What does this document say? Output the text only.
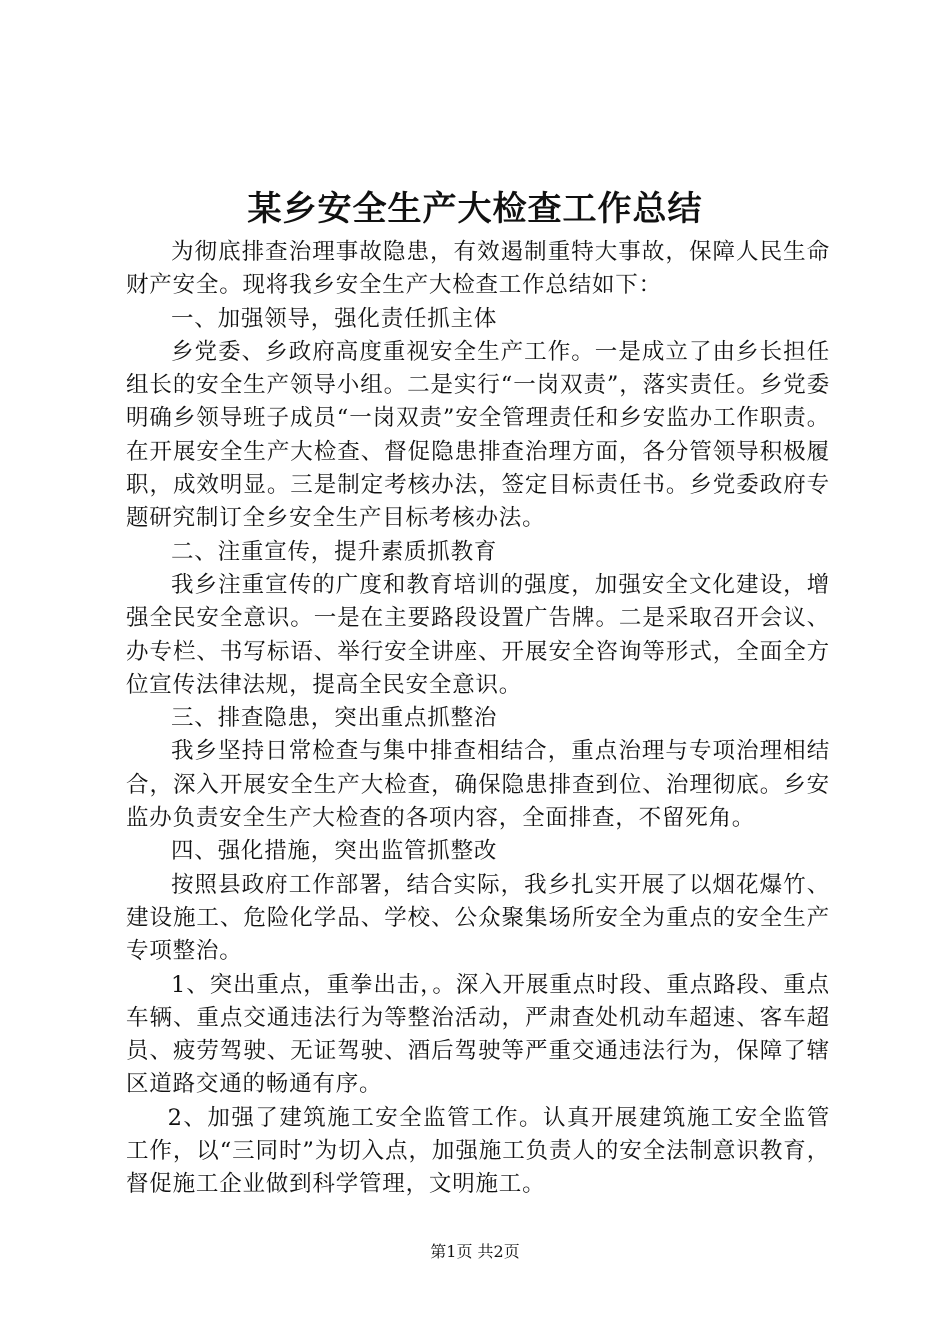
某乡安全生产大检查工作总结

为彻底排查治理事故隐患，有效遏制重特大事故，保障人民生命财产安全。现将我乡安全生产大检查工作总结如下：

一、加强领导，强化责任抓主体

乡党委、乡政府高度重视安全生产工作。一是成立了由乡长担任组长的安全生产领导小组。二是实行“一岗双责”，落实责任。乡党委明确乡领导班子成员“一岗双责”安全管理责任和乡安监办工作职责。在开展安全生产大检查、督促隐患排查治理方面，各分管领导积极履职，成效明显。三是制定考核办法，签定目标责任书。乡党委政府专题研究制订全乡安全生产目标考核办法。

二、注重宣传，提升素质抓教育

我乡注重宣传的广度和教育培训的强度，加强安全文化建设，增强全民安全意识。一是在主要路段设置广告牌。二是采取召开会议、办专栏、书写标语、举行安全讲座、开展安全咨询等形式，全面全方位宣传法律法规，提高全民安全意识。

三、排查隐患，突出重点抓整治

我乡坚持日常检查与集中排查相结合，重点治理与专项治理相结合，深入开展安全生产大检查，确保隐患排查到位、治理彻底。乡安监办负责安全生产大检查的各项内容，全面排查，不留死角。

四、强化措施，突出监管抓整改

按照县政府工作部署，结合实际，我乡扎实开展了以烟花爆竹、建设施工、危险化学品、学校、公众聚集场所安全为重点的安全生产专项整治。

1、突出重点，重拳出击，。深入开展重点时段、重点路段、重点车辆、重点交通违法行为等整治活动，严肃查处机动车超速、客车超员、疲劳驾驶、无证驾驶、酒后驾驶等严重交通违法行为，保障了辖区道路交通的畅通有序。

2、加强了建筑施工安全监管工作。认真开展建筑施工安全监管工作，以“三同时”为切入点，加强施工负责人的安全法制意识教育，督促施工企业做到科学管理，文明施工。

第1页 共2页
